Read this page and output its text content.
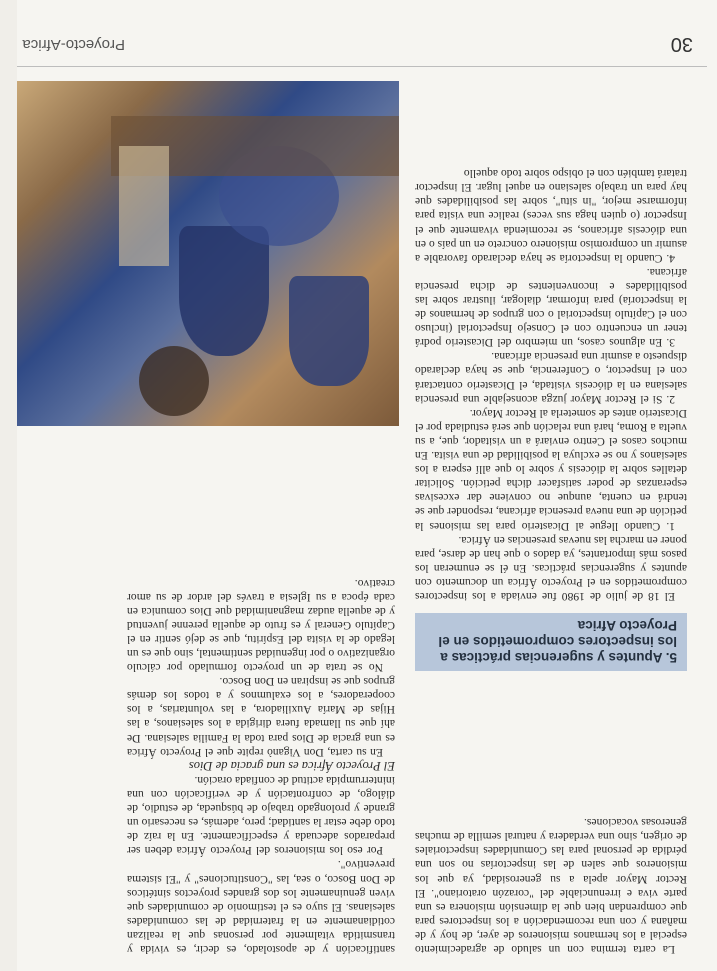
Proyecto-Africa	30

santificación y de apostolado, es decir, es vivida y transmitida vitalmente por personas que la realizan cotidianamente en la fraternidad de las comunidades salesianas. El suyo es el testimonio de comunidades que viven genuinamente los dos grandes proyectos sintéticos de Don Bosco, o sea, las "Constituciones" y "El sistema preventivo".

Por eso los misioneros del Proyecto África deben ser preparados adecuada y específicamente. En la raíz de todo debe estar la santidad; pero, además, es necesario un grande y prolongado trabajo de búsqueda, de estudio, de diálogo, de confrontación y de verificación con una ininterrumpida actitud de confiada oración.

El Proyecto África es una gracia de Dios

En su carta, Don Viganò repite que el Proyecto África es una gracia de Dios para toda la Familia salesiana. De ahí que su llamada fuera dirigida a los salesianos, a las Hijas de María Auxiliadora, a las voluntarias, a los cooperadores, a los exalumnos y a todos los demás grupos que se inspiran en Don Bosco.

No se trata de un proyecto formulado por cálculo organizativo o por ingenuidad sentimental, sino que es un legado de la visita del Espíritu, que se dejó sentir en el Capítulo General y es fruto de aquella perenne juventud y de aquella audaz magnanimidad que Dios comunica en cada época a su Iglesia a través del ardor de su amor creativo.

La carta termina con un saludo de agradecimiento especial a los hermanos misioneros de ayer, de hoy y de mañana y con una recomendación a los inspectores para que comprendan bien que la dimensión misionera es una parte viva e irrenunciable del "corazón oratoriano". El Rector Mayor apela a su generosidad, ya que los misioneros que salen de las inspectorías no son una pérdida de personal para las Comunidades inspectoriales de origen, sino una verdadera y natural semilla de muchas generosas vocaciones.

5. Apuntes y sugerencias prácticas a los inspectores comprometidos en el Proyecto Africa

El 18 de julio de 1980 fue enviada a los inspectores comprometidos en el Proyecto África un documento con apuntes y sugerencias prácticas. En él se enumeran los pasos más importantes, ya dados o que han de darse, para poner en marcha las nuevas presencias en África.

1. Cuando llegue al Dicasterio para las misiones la petición de una nueva presencia africana, responder que se tendrá en cuenta, aunque no conviene dar excesivas esperanzas de poder satisfacer dicha petición. Solicitar detalles sobre la diócesis y sobre lo que allí espera a los salesianos y no se excluya la posibilidad de una visita. En muchos casos el Centro enviará a un visitador, que, a su vuelta a Roma, hará una relación que será estudiada por el Dicasterio antes de someterla al Rector Mayor.

2. Si el Rector Mayor juzga aconsejable una presencia salesiana en la diócesis visitada, el Dicasterio contactará con el Inspector, o Conferencia, que se haya declarado dispuesto a asumir una presencia africana.

3. En algunos casos, un miembro del Dicasterio podrá tener un encuentro con el Consejo Inspectorial (incluso con el Capítulo inspectorial o con grupos de hermanos de la inspectoría) para informar, dialogar, ilustrar sobre las posibilidades e inconvenientes de dicha presencia africana.

4. Cuando la inspectoría se haya declarado favorable a asumir un compromiso misionero concreto en un país o en una diócesis africanos, se recomienda vivamente que el Inspector (o quien haga sus veces) realice una visita para informarse mejor, "in situ", sobre las posibilidades que hay para un trabajo salesiano en aquel lugar. El inspector tratará también con el obispo sobre todo aquello
